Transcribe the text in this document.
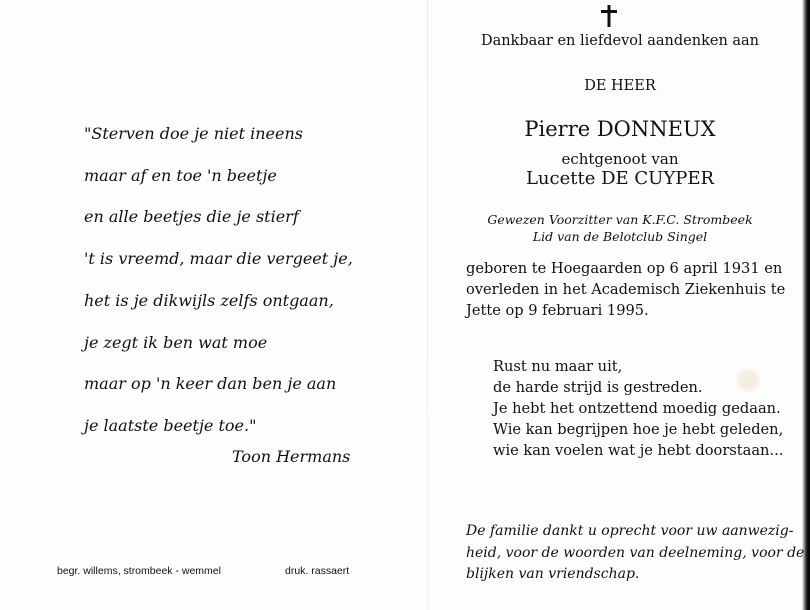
"Sterven doe je niet ineens
maar af en toe 'n beetje
en alle beetjes die je stierf
't is vreemd, maar die vergeet je,
het is je dikwijls zelfs ontgaan,
je zegt ik ben wat moe
maar op 'n keer dan ben je aan
je laatste beetje toe."
Toon Hermans
begr. willems, strombeek - wemmel	druk. rassaert
Dankbaar en liefdevol aandenken aan
DE HEER
Pierre DONNEUX
echtgenoot van
Lucette DE CUYPER
Gewezen Voorzitter van K.F.C. Strombeek
Lid van de Belotclub Singel
geboren te Hoegaarden op 6 april 1931 en
overleden in het Academisch Ziekenhuis te
Jette op 9 februari 1995.
Rust nu maar uit,
de harde strijd is gestreden.
Je hebt het ontzettend moedig gedaan.
Wie kan begrijpen hoe je hebt geleden,
wie kan voelen wat je hebt doorstaan...
De familie dankt u oprecht voor uw aanwezig-
heid, voor de woorden van deelneming, voor de
blijken van vriendschap.
